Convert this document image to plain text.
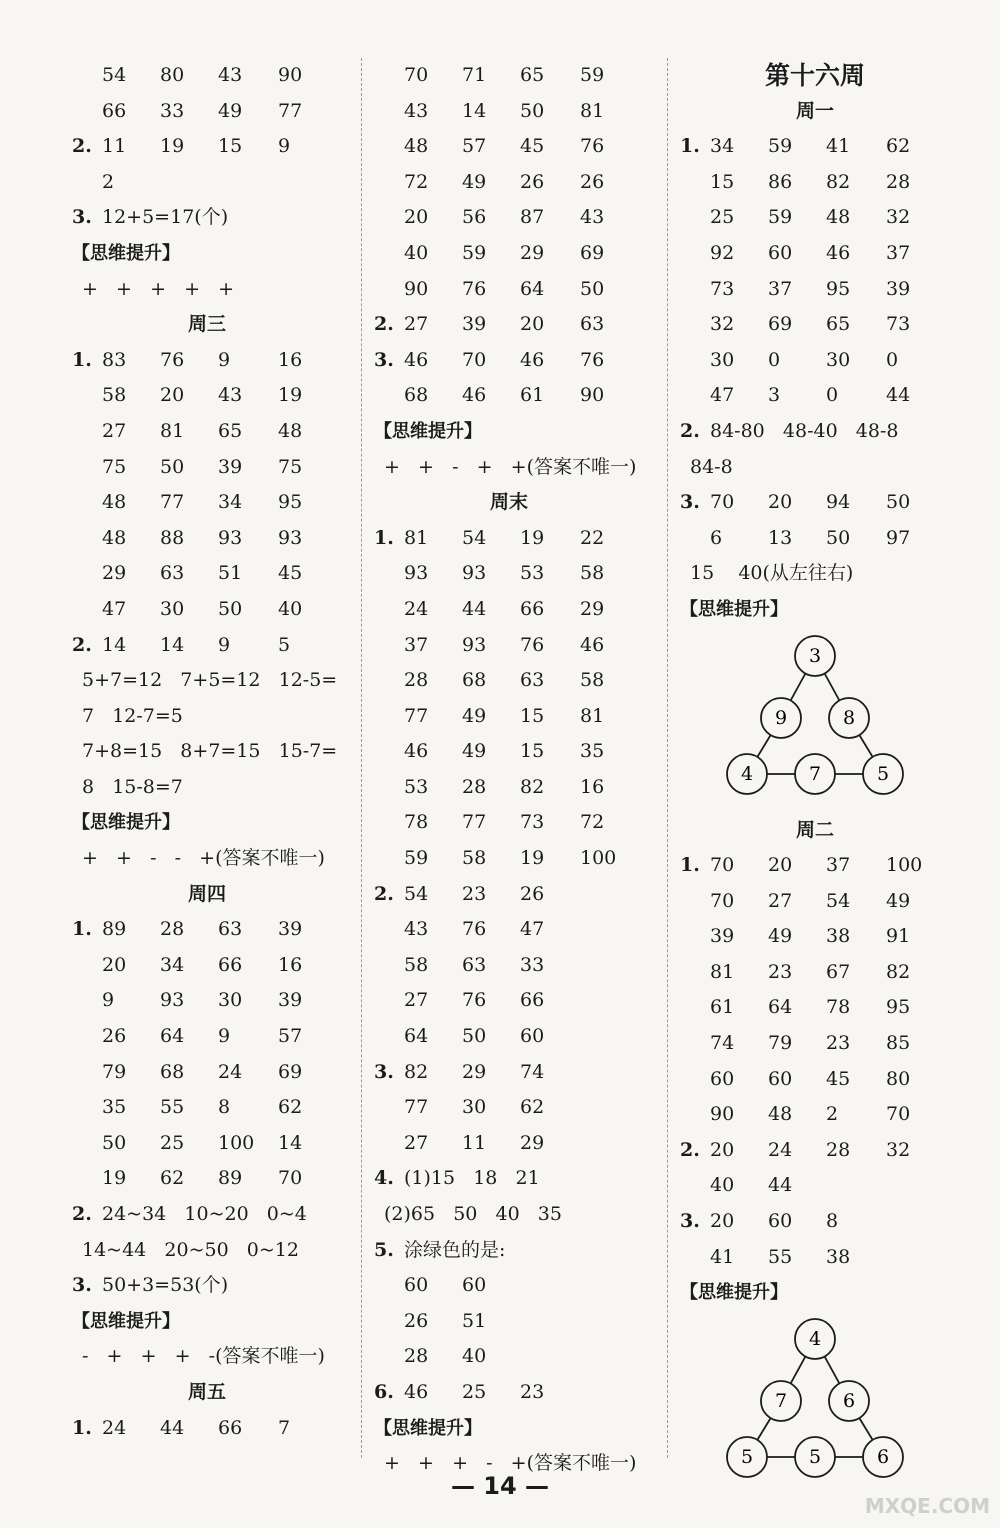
54 80 43 90
66 33 49 77
2. 11 19 15 9
2
3. 12+5=17(个)
【思维提升】
+   +   +   +   +
周三
1. 83 76 9	16
58 20 43 19
27 81 65 48
75 50 39 75
48 77 34 95
48 88 93 93
29 63 51 45
47 30 50 40
2. 14 14 9	5
5+7=12   7+5=12   12-5=
7   12-7=5
7+8=15   8+7=15   15-7=
8   15-8=7
【思维提升】
+   +   -   -   +(答案不唯一)
周四
1. 89 28 63 39
20 34 66 16
9 93 30 39
26 64 9	57
79 68 24 69
35 55 8	62
50 25 100 14
19 62 89 70
2. 24~34   10~20   0~4
14~44   20~50   0~12
3. 50+3=53(个)
【思维提升】
-   +   +   +   -(答案不唯一)
周五
1. 24 44 66 7
70 71 65 59
43 14 50 81
48 57 45 76
72 49 26 26
20 56 87 43
40 59 29 69
90 76 64 50
2. 27 39 20 63
3. 46 70 46 76
68 46 61 90
【思维提升】
+   +   -   +   +(答案不唯一)
周末
1. 81 54 19 22
93 93 53 58
24 44 66 29
37 93 76 46
28 68 63 58
77 49 15 81
46 49 15 35
53 28 82 16
78 77 73 72
59 58 19 100
2. 54 23 26
43 76 47
58 63 33
27 76 66
64 50 60
3. 82 29 74
77 30 62
27 11 29
4. (1)15   18   21
(2)65   50   40   35
5. 涂绿色的是:
60 60
26 51
28 40
6. 46 25 23
【思维提升】
+   +   +   -   +(答案不唯一)
第十六周
周一
1. 34 59 41 62
15 86 82 28
25 59 48 32
92 60 46 37
73 37 95 39
32 69 65 73
30 0 30 0
47 3 0	44
2. 84-80   48-40   48-8
84-8
3. 70 20 94 50
6 13 50 97
15    40(从左往右)
【思维提升】
3
9	8
4	7	5
周二
1. 70 20 37 100
70 27 54 49
39 49 38 91
81 23 67 82
61 64 78 95
74 79 23 85
60 60 45 80
90 48 2	70
2. 20 24 28 32
40 44
3. 20 60 8
41 55 38
【思维提升】
4
7	6
5	5	6
— 14 —
MXQE.COM
